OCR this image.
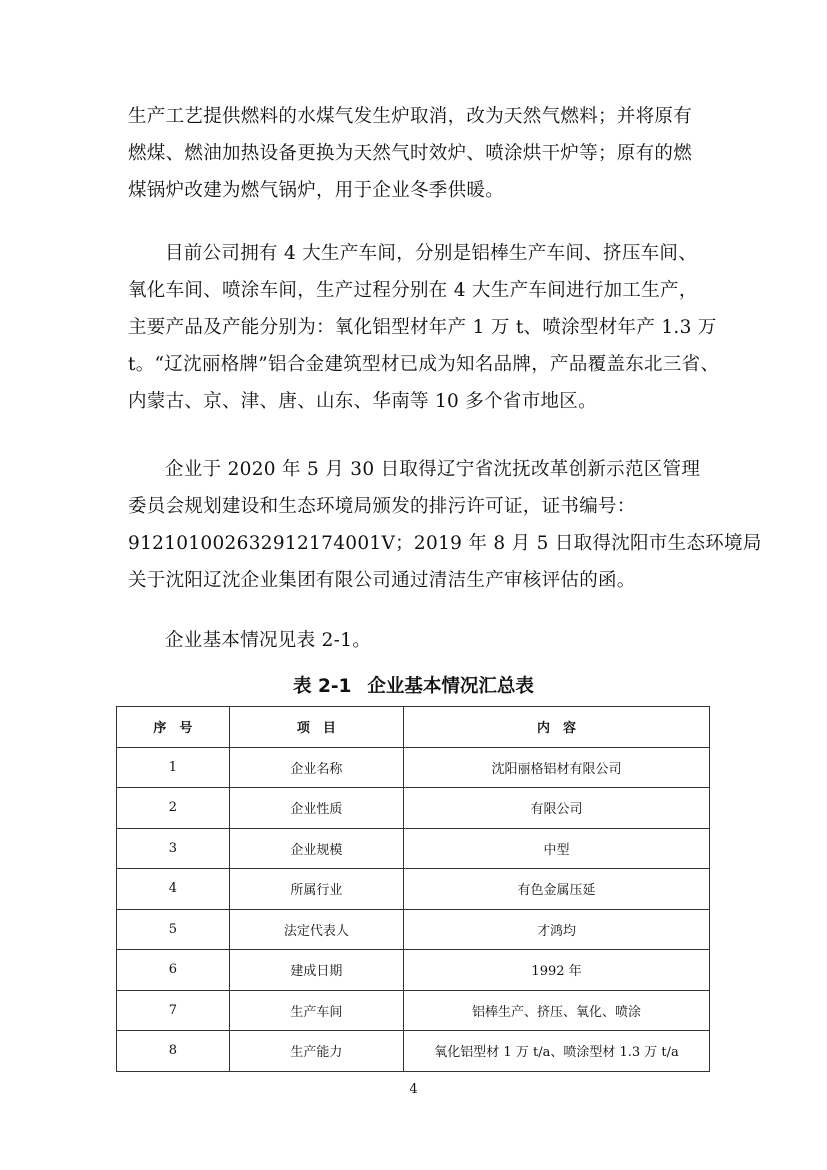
生产工艺提供燃料的水煤气发生炉取消，改为天然气燃料；并将原有
燃煤、燃油加热设备更换为天然气时效炉、喷涂烘干炉等；原有的燃
煤锅炉改建为燃气锅炉，用于企业冬季供暖。
目前公司拥有 4 大生产车间，分别是铝棒生产车间、挤压车间、
氧化车间、喷涂车间，生产过程分别在 4 大生产车间进行加工生产，
主要产品及产能分别为：氧化铝型材年产 1 万 t、喷涂型材年产 1.3 万
t。“辽沈丽格牌”铝合金建筑型材已成为知名品牌，产品覆盖东北三省、
内蒙古、京、津、唐、山东、华南等 10 多个省市地区。
企业于 2020 年 5 月 30 日取得辽宁省沈抚改革创新示范区管理
委员会规划建设和生态环境局颁发的排污许可证，证书编号：
912101002632912174001V；2019 年 8 月 5 日取得沈阳市生态环境局
关于沈阳辽沈企业集团有限公司通过清洁生产审核评估的函。
企业基本情况见表 2-1。
表 2-1 企业基本情况汇总表
序　号	项　目	内　容
1	企业名称	沈阳丽格铝材有限公司
2	企业性质	有限公司
3	企业规模	中型
4	所属行业	有色金属压延
5	法定代表人	才鸿均
6	建成日期	1992 年
7	生产车间	铝棒生产、挤压、氧化、喷涂
8	生产能力	氧化铝型材 1 万 t/a、喷涂型材 1.3 万 t/a
4
